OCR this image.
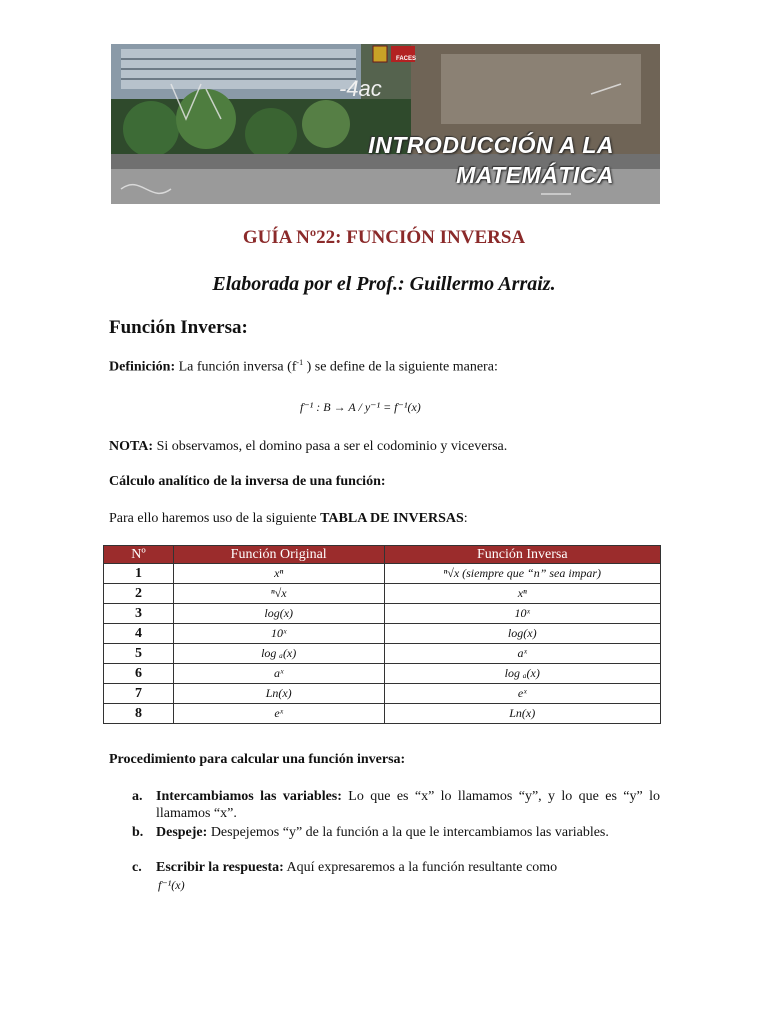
-4ac
FACES
INTRODUCCIÓN A LA
MATEMÁTICA
GUÍA Nº22: FUNCIÓN INVERSA
Elaborada por el Prof.: Guillermo Arraiz.
Función Inversa:
Definición: La función inversa ($f^{-1}$ ) se define de la siguiente manera:
f⁻¹ : B → A / y⁻¹ = f⁻¹(x)
NOTA: Si observamos, el domino pasa a ser el codominio y viceversa.
Cálculo analítico de la inversa de una función:
Para ello haremos uso de la siguiente TABLA DE INVERSAS:
Nº	Función Original	Función Inversa
1	xⁿ	ⁿ√x (siempre que “n” sea impar)
2	ⁿ√x	xⁿ
3	log(x)	10ˣ
4	10ˣ	log(x)
5	log ₐ(x)	aˣ
6	aˣ	log ₐ(x)
7	Ln(x)	eˣ
8	eˣ	Ln(x)
Procedimiento para calcular una función inversa:
a. Intercambiamos las variables: Lo que es “x” lo llamamos “y”, y lo que es “y” lo llamamos “x”.
b. Despeje: Despejemos “y” de la función a la que le intercambiamos las variables.
c. Escribir la respuesta: Aquí expresaremos a la función resultante como
f⁻¹(x)
